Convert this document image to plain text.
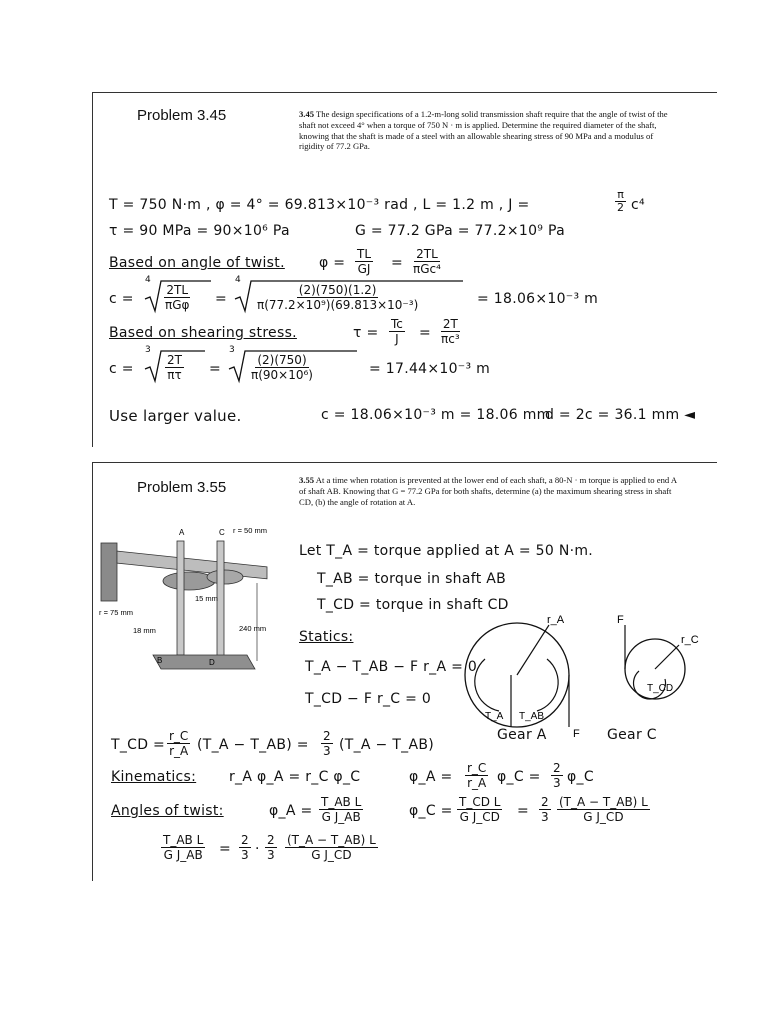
Problem 3.45	3.45 The design specifications of a 1.2-m-long solid transmission shaft require that the angle of twist of the shaft not exceed 4° when a torque of 750 N · m is applied. Determine the required diameter of the shaft, knowing that the shaft is made of a steel with an allowable shearing stress of 90 MPa and a modulus of rigidity of 77.2 GPa.
T = 750 N·m , φ = 4° = 69.813×10⁻³ rad , L = 1.2 m , J =	$\frac{\pi}{2} c^4$
τ = 90 MPa = 90×10⁶ Pa	G = 77.2 GPa = 77.2×10⁹ Pa
Based on angle of twist. $\varphi = \frac{TL}{GJ}$ =
2TL
πGc⁴
c =
4
2TL
πGφ =
4
$\frac{(2)(750)(1.2)}{\text{π(77.2×10⁹)(69.813×10⁻³)}}$	= 18.06×10⁻³ m
Based on shearing stress.	$\tau = \frac{Tc}{J} = \frac{2T}{\text{πc³}}$
c =
3
$\frac{2T}{\pi\tau}$ =
3
$\frac{(2)(750)}{\text{π(90×10⁶)}}$	= 17.44×10⁻³ m
Use larger value.	c = 18.06×10⁻³ m = 18.06 mm
d = 2c = 36.1 mm ◄
Problem 3.55	3.55 At a time when rotation is prevented at the lower end of each shaft, a 80-N · m torque is applied to end A of shaft AB. Knowing that G = 77.2 GPa for both shafts, determine (a) the maximum shearing stress in shaft CD, (b) the angle of rotation at A.
A	C
B	D
r = 50 mm
r = 75 mm
15 mm
18 mm	240 mm
Let T_A = torque applied at A = 50 N·m.
T_AB = torque in shaft AB
T_CD = torque in shaft CD
Statics:
T_A − T_AB − F r_A = 0
T_CD − F r_C = 0
r_A
r_C
F
F
T_A T_AB
T_CD
Gear A	Gear C
T_CD = $\frac{r\_C}{r\_A}$ (T_A − T_AB) = $\frac{2}{3}$ (T_A − T_AB)
Kinematics: r_A φ_A = r_C φ_C	φ_A = $\frac{r\_C}{r\_A}$ φ_C = $\frac{2}{3}$ φ_C
Angles of twist:	φ_A = $\frac{\text{T\_AB L}}{\text{G J\_AB}}$	φ_C = $\frac{\text{T\_CD L}}{\text{G J\_CD}} = \frac{2}{3} \frac{(T\_A - T\_AB) L}{\text{G J\_CD}}$
$\frac{\text{T\_AB L}}{\text{G J\_AB}} = \frac{2}{3} \cdot \frac{2}{3} \frac{(T\_A - T\_AB) L}{\text{G J\_CD}}$
